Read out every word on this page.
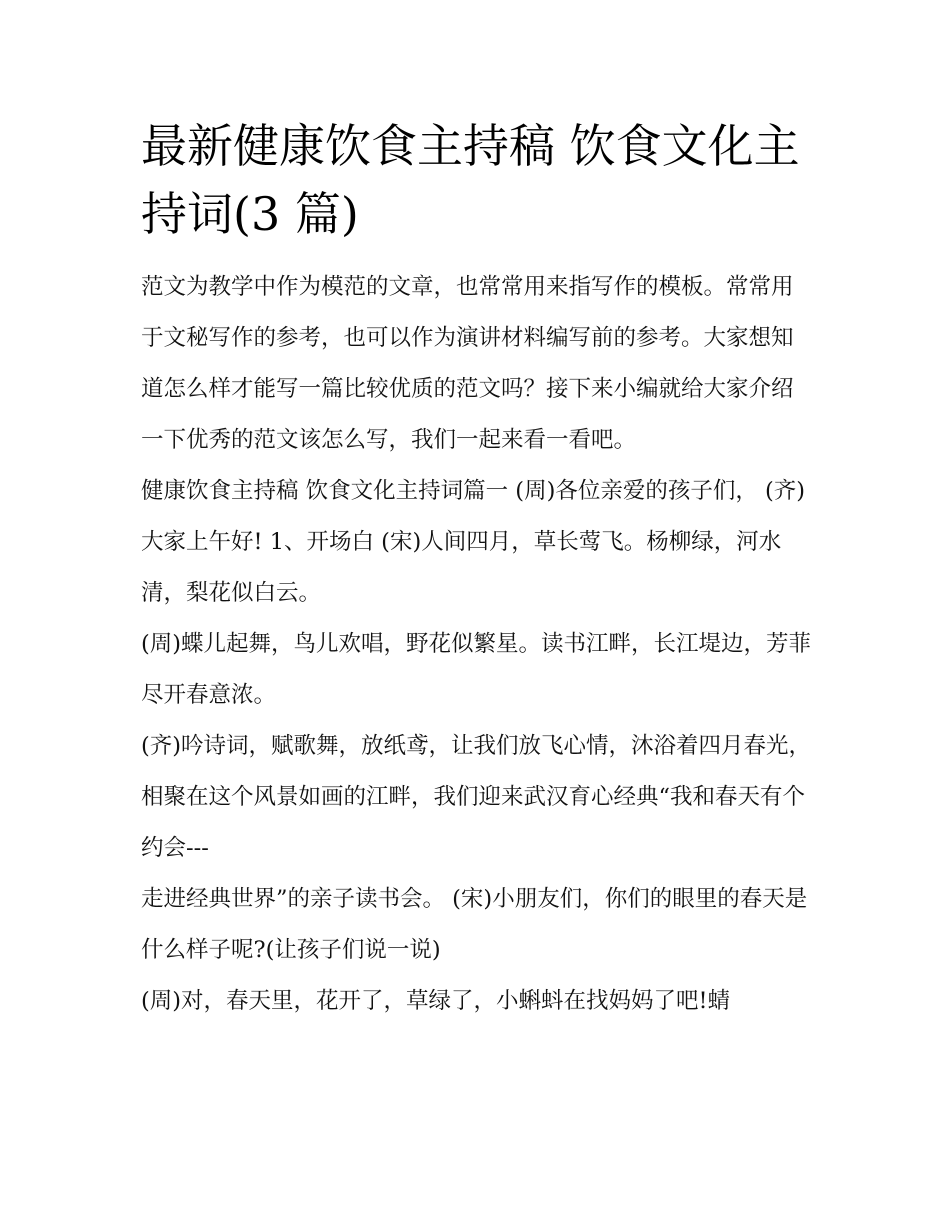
最新健康饮食主持稿 饮食文化主持词(3 篇)
范文为教学中作为模范的文章，也常常用来指写作的模板。常常用于文秘写作的参考，也可以作为演讲材料编写前的参考。大家想知道怎么样才能写一篇比较优质的范文吗？接下来小编就给大家介绍一下优秀的范文该怎么写，我们一起来看一看吧。
健康饮食主持稿 饮食文化主持词篇一 (周)各位亲爱的孩子们， (齐)大家上午好! 1、开场白 (宋)人间四月，草长莺飞。杨柳绿，河水清，梨花似白云。
(周)蝶儿起舞，鸟儿欢唱，野花似繁星。读书江畔，长江堤边，芳菲尽开春意浓。
(齐)吟诗词，赋歌舞，放纸鸢，让我们放飞心情，沐浴着四月春光，相聚在这个风景如画的江畔，我们迎来武汉育心经典“我和春天有个约会---
走进经典世界”的亲子读书会。 (宋)小朋友们，你们的眼里的春天是什么样子呢?(让孩子们说一说)
(周)对，春天里，花开了，草绿了，小蝌蚪在找妈妈了吧!蜻
